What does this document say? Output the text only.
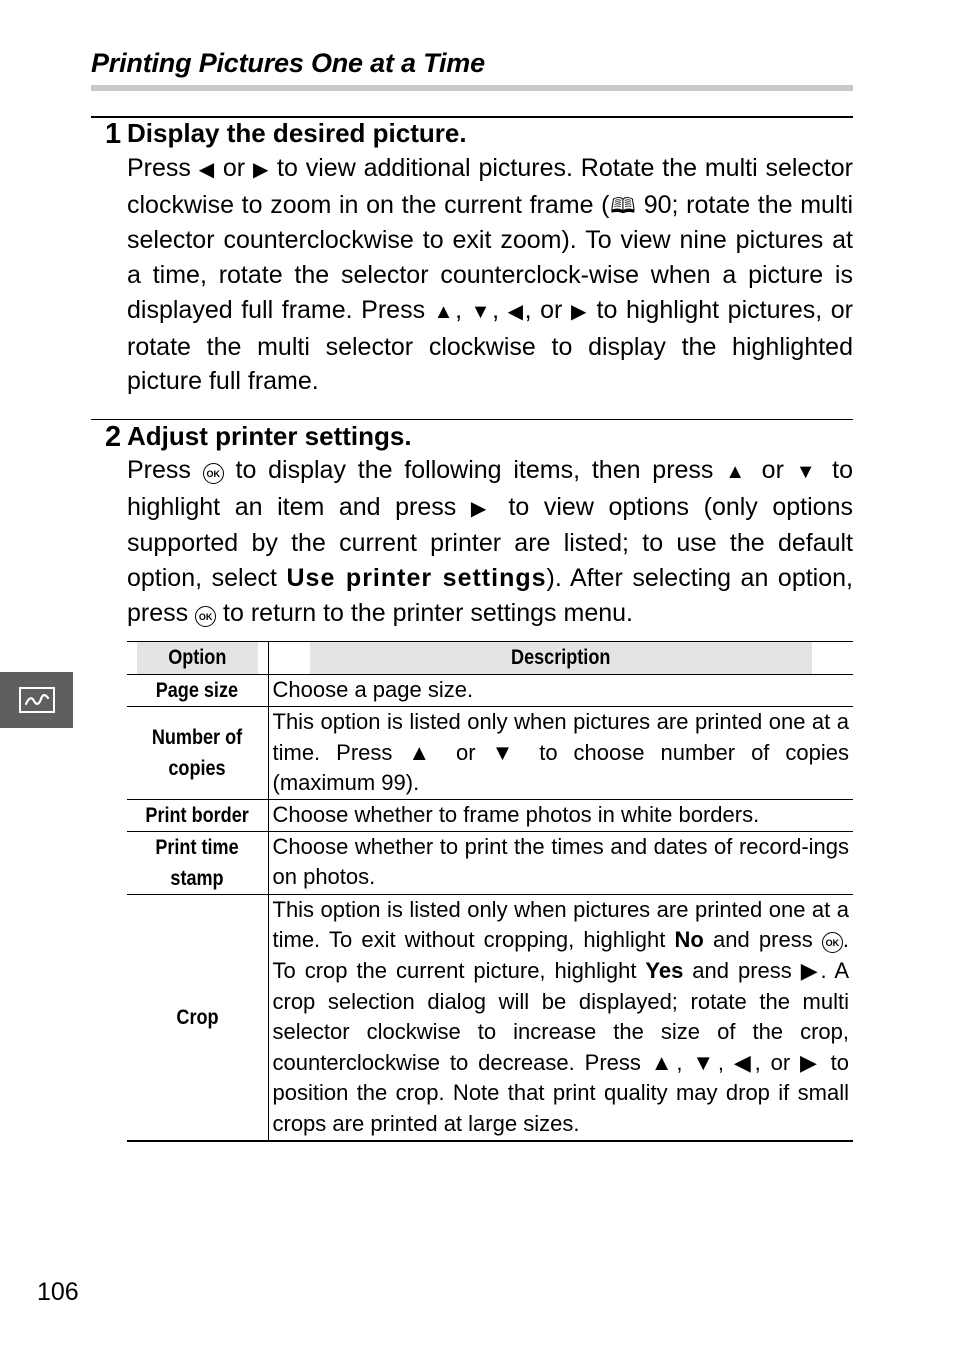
Printing Pictures One at a Time
1 Display the desired picture.

Press ◀ or ▶ to view additional pictures. Rotate the multi selector clockwise to zoom in on the current frame (🕮 90; rotate the multi selector counterclockwise to exit zoom). To view nine pictures at a time, rotate the selector counterclock-wise when a picture is displayed full frame. Press ▲, ▼, ◀, or ▶ to highlight pictures, or rotate the multi selector clockwise to display the highlighted picture full frame.

2 Adjust printer settings.

Press OK to display the following items, then press ▲ or ▼ to highlight an item and press ▶ to view options (only options supported by the current printer are listed; to use the default option, select Use printer settings). After selecting an option, press OK to return to the printer settings menu.

Option	Description
Page size	Choose a page size.
Number of copies	This option is listed only when pictures are printed one at a time. Press ▲ or ▼ to choose number of copies (maximum 99).
Print border	Choose whether to frame photos in white borders.
Print time stamp	Choose whether to print the times and dates of record-ings on photos.
Crop	This option is listed only when pictures are printed one at a time. To exit without cropping, highlight No and press OK . To crop the current picture, highlight Yes and press ▶. A crop selection dialog will be displayed; rotate the multi selector clockwise to increase the size of the crop, counterclockwise to decrease. Press ▲, ▼, ◀, or ▶ to position the crop. Note that print quality may drop if small crops are printed at large sizes.
106
